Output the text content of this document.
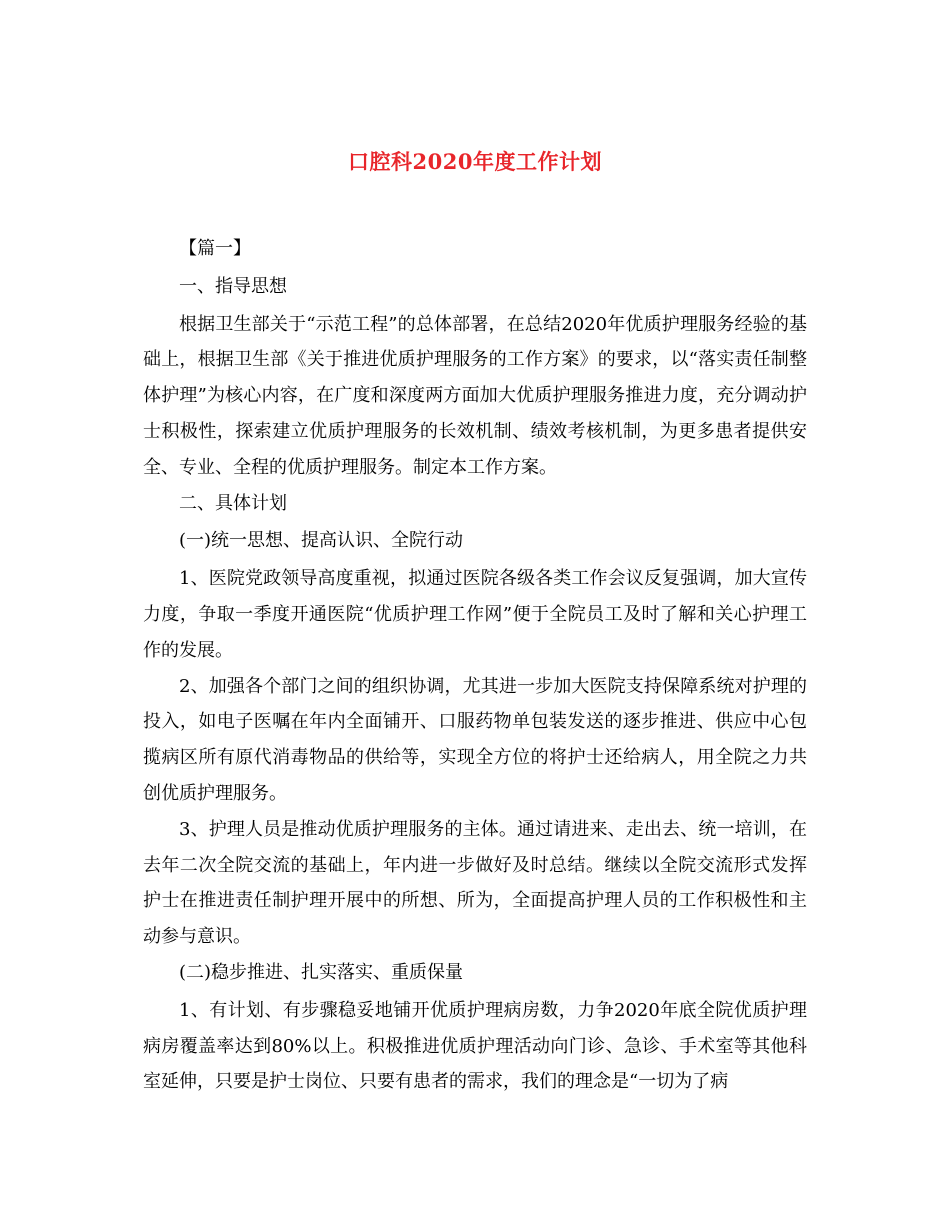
口腔科2020年度工作计划

【篇一】

一、指导思想

根据卫生部关于“示范工程”的总体部署，在总结2020年优质护理服务经验的基础上，根据卫生部《关于推进优质护理服务的工作方案》的要求，以“落实责任制整体护理”为核心内容，在广度和深度两方面加大优质护理服务推进力度，充分调动护士积极性，探索建立优质护理服务的长效机制、绩效考核机制，为更多患者提供安全、专业、全程的优质护理服务。制定本工作方案。

二、具体计划

(一)统一思想、提高认识、全院行动

1、医院党政领导高度重视，拟通过医院各级各类工作会议反复强调，加大宣传力度，争取一季度开通医院“优质护理工作网”便于全院员工及时了解和关心护理工作的发展。

2、加强各个部门之间的组织协调，尤其进一步加大医院支持保障系统对护理的投入，如电子医嘱在年内全面铺开、口服药物单包装发送的逐步推进、供应中心包揽病区所有原代消毒物品的供给等，实现全方位的将护士还给病人，用全院之力共创优质护理服务。

3、护理人员是推动优质护理服务的主体。通过请进来、走出去、统一培训，在去年二次全院交流的基础上，年内进一步做好及时总结。继续以全院交流形式发挥护士在推进责任制护理开展中的所想、所为，全面提高护理人员的工作积极性和主动参与意识。

(二)稳步推进、扎实落实、重质保量

1、有计划、有步骤稳妥地铺开优质护理病房数，力争2020年底全院优质护理病房覆盖率达到80%以上。积极推进优质护理活动向门诊、急诊、手术室等其他科室延伸，只要是护士岗位、只要有患者的需求，我们的理念是“一切为了病
